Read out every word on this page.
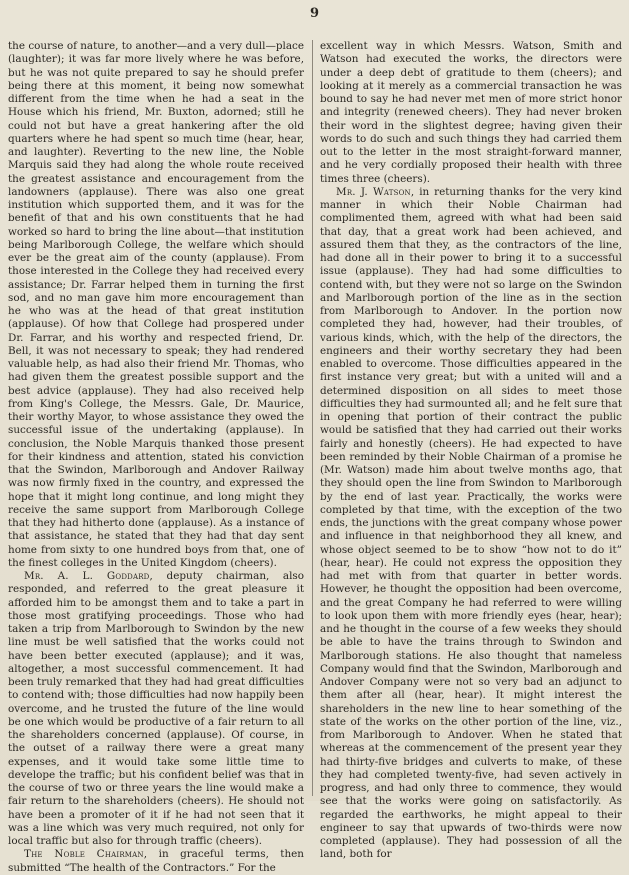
9

the course of nature, to another—and a very dull—place (laughter); it was far more lively where he was before, but he was not quite prepared to say he should prefer being there at this moment, it being now somewhat different from the time when he had a seat in the House which his friend, Mr. Buxton, adorned; still he could not but have a great hankering after the old quarters where he had spent so much time (hear, hear, and laughter). Reverting to the new line, the Noble Marquis said they had along the whole route received the greatest assistance and encouragement from the landowners (applause). There was also one great institution which supported them, and it was for the benefit of that and his own constituents that he had worked so hard to bring the line about—that institution being Marlborough College, the welfare which should ever be the great aim of the county (applause). From those interested in the College they had received every assistance; Dr. Farrar helped them in turning the first sod, and no man gave him more encouragement than he who was at the head of that great institution (applause). Of how that College had prospered under Dr. Farrar, and his worthy and respected friend, Dr. Bell, it was not necessary to speak; they had rendered valuable help, as had also their friend Mr. Thomas, who had given them the greatest possible support and the best advice (applause). They had also received help from King's College, the Messrs. Gale, Dr. Maurice, their worthy Mayor, to whose assistance they owed the successful issue of the undertaking (applause). In conclusion, the Noble Marquis thanked those present for their kindness and attention, stated his conviction that the Swindon, Marlborough and Andover Railway was now firmly fixed in the country, and expressed the hope that it might long continue, and long might they receive the same support from Marlborough College that they had hitherto done (applause). As a instance of that assistance, he stated that they had that day sent home from sixty to one hundred boys from that, one of the finest colleges in the United Kingdom (cheers).

Mr. A. L. Goddard, deputy chairman, also responded, and referred to the great pleasure it afforded him to be amongst them and to take a part in those most gratifying proceedings. Those who had taken a trip from Marlborough to Swindon by the new line must be well satisfied that the works could not have been better executed (applause); and it was, altogether, a most successful commencement. It had been truly remarked that they had had great difficulties to contend with; those difficulties had now happily been overcome, and he trusted the future of the line would be one which would be productive of a fair return to all the shareholders concerned (applause). Of course, in the outset of a railway there were a great many expenses, and it would take some little time to develope the traffic; but his confident belief was that in the course of two or three years the line would make a fair return to the shareholders (cheers). He should not have been a promoter of it if he had not seen that it was a line which was very much required, not only for local traffic but also for through traffic (cheers).

The Noble Chairman, in graceful terms, then submitted “The health of the Contractors.” For the

excellent way in which Messrs. Watson, Smith and Watson had executed the works, the directors were under a deep debt of gratitude to them (cheers); and looking at it merely as a commercial transaction he was bound to say he had never met men of more strict honor and integrity (renewed cheers). They had never broken their word in the slightest degree; having given their words to do such and such things they had carried them out to the letter in the most straight-forward manner, and he very cordially proposed their health with three times three (cheers).

Mr. J. Watson, in returning thanks for the very kind manner in which their Noble Chairman had complimented them, agreed with what had been said that day, that a great work had been achieved, and assured them that they, as the contractors of the line, had done all in their power to bring it to a successful issue (applause). They had had some difficulties to contend with, but they were not so large on the Swindon and Marlborough portion of the line as in the section from Marlborough to Andover. In the portion now completed they had, however, had their troubles, of various kinds, which, with the help of the directors, the engineers and their worthy secretary they had been enabled to overcome. Those difficulties appeared in the first instance very great; but with a united will and a determined disposition on all sides to meet those difficulties they had surmounted all; and he felt sure that in opening that portion of their contract the public would be satisfied that they had carried out their works fairly and honestly (cheers). He had expected to have been reminded by their Noble Chairman of a promise he (Mr. Watson) made him about twelve months ago, that they should open the line from Swindon to Marlborough by the end of last year. Practically, the works were completed by that time, with the exception of the two ends, the junctions with the great company whose power and influence in that neighborhood they all knew, and whose object seemed to be to show “how not to do it” (hear, hear). He could not express the opposition they had met with from that quarter in better words. However, he thought the opposition had been overcome, and the great Company he had referred to were willing to look upon them with more friendly eyes (hear, hear); and he thought in the course of a few weeks they should be able to have the trains through to Swindon and Marlborough stations. He also thought that nameless Company would find that the Swindon, Marlborough and Andover Company were not so very bad an adjunct to them after all (hear, hear). It might interest the shareholders in the new line to hear something of the state of the works on the other portion of the line, viz., from Marlborough to Andover. When he stated that whereas at the commencement of the present year they had thirty-five bridges and culverts to make, of these they had completed twenty-five, had seven actively in progress, and had only three to commence, they would see that the works were going on satisfactorily. As regarded the earthworks, he might appeal to their engineer to say that upwards of two-thirds were now completed (applause). They had possession of all the land, both for
